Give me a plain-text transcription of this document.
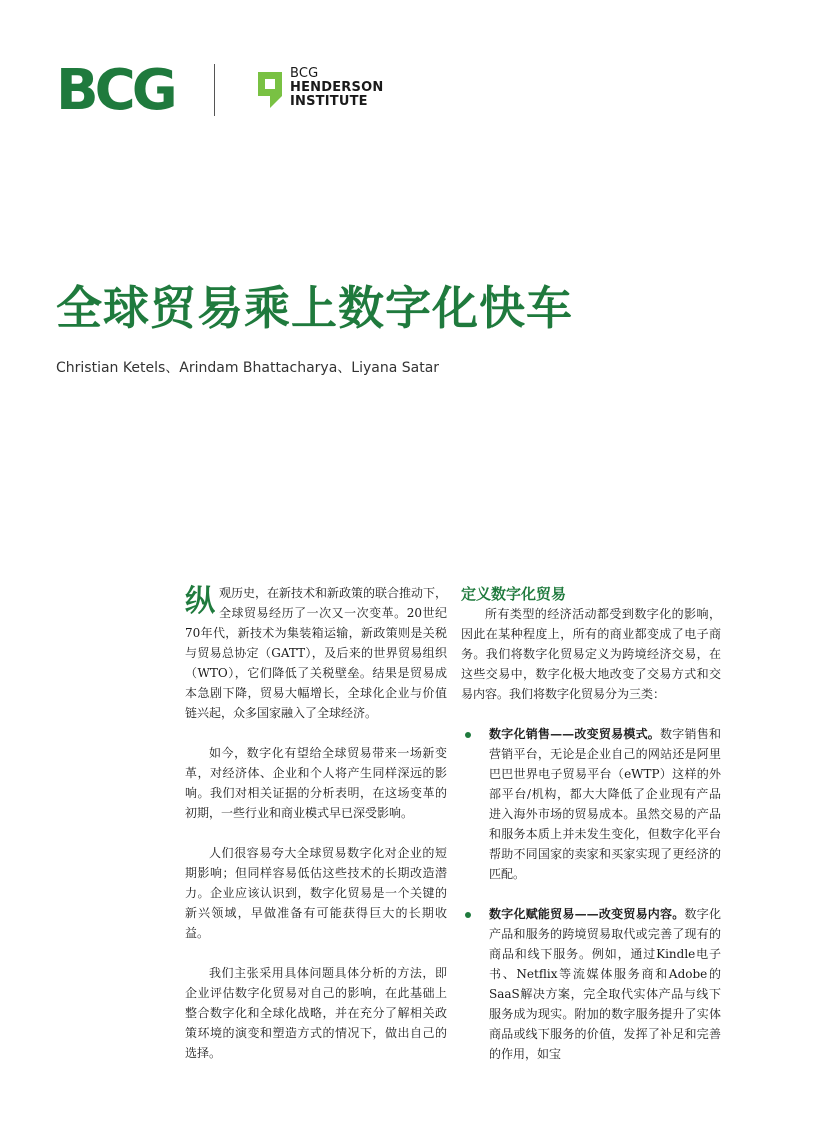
BCG	BCG
HENDERSON
INSTITUTE
全球贸易乘上数字化快车
Christian Ketels、Arindam Bhattacharya、Liyana Satar

纵观历史，在新技术和新政策的联合推动下，全球贸易经历了一次又一次变革。20世纪70年代，新技术为集装箱运输，新政策则是关税与贸易总协定（GATT），及后来的世界贸易组织（WTO），它们降低了关税壁垒。结果是贸易成本急剧下降，贸易大幅增长，全球化企业与价值链兴起，众多国家融入了全球经济。

如今，数字化有望给全球贸易带来一场新变革，对经济体、企业和个人将产生同样深远的影响。我们对相关证据的分析表明，在这场变革的初期，一些行业和商业模式早已深受影响。

人们很容易夸大全球贸易数字化对企业的短期影响；但同样容易低估这些技术的长期改造潜力。企业应该认识到，数字化贸易是一个关键的新兴领域，早做准备有可能获得巨大的长期收益。

我们主张采用具体问题具体分析的方法，即企业评估数字化贸易对自己的影响，在此基础上整合数字化和全球化战略，并在充分了解相关政策环境的演变和塑造方式的情况下，做出自己的选择。

定义数字化贸易

所有类型的经济活动都受到数字化的影响，因此在某种程度上，所有的商业都变成了电子商务。我们将数字化贸易定义为跨境经济交易，在这些交易中，数字化极大地改变了交易方式和交易内容。我们将数字化贸易分为三类：

数字化销售——改变贸易模式。数字销售和营销平台，无论是企业自己的网站还是阿里巴巴世界电子贸易平台（eWTP）这样的外部平台/机构，都大大降低了企业现有产品进入海外市场的贸易成本。虽然交易的产品和服务本质上并未发生变化，但数字化平台帮助不同国家的卖家和买家实现了更经济的匹配。
数字化赋能贸易——改变贸易内容。数字化产品和服务的跨境贸易取代或完善了现有的商品和线下服务。例如，通过Kindle电子书、Netflix等流媒体服务商和Adobe的SaaS解决方案，完全取代实体产品与线下服务成为现实。附加的数字服务提升了实体商品或线下服务的价值，发挥了补足和完善的作用，如宝
